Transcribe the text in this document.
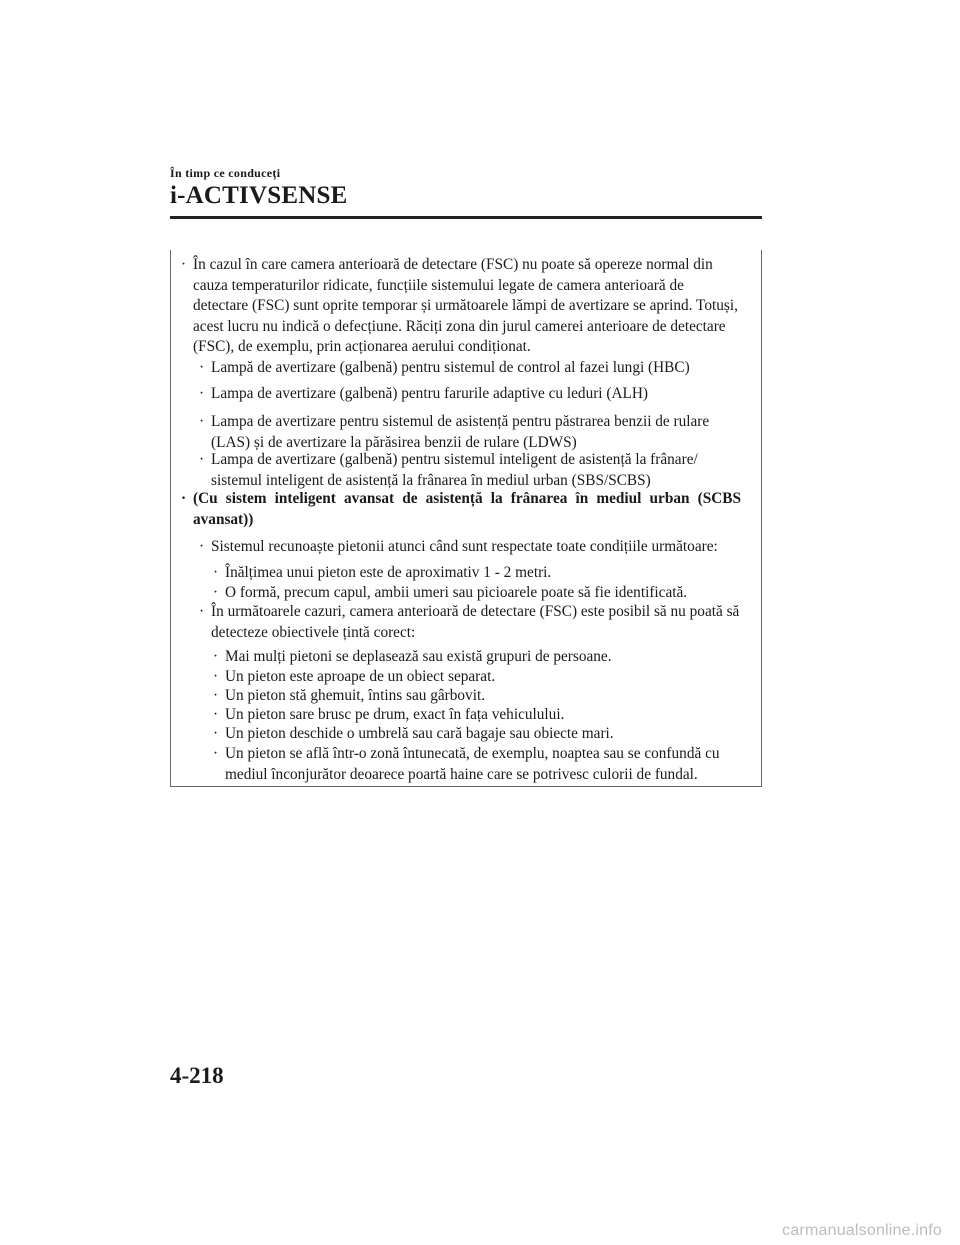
În timp ce conduceți
i-ACTIVSENSE
· În cazul în care camera anterioară de detectare (FSC) nu poate să opereze normal din cauza temperaturilor ridicate, funcțiile sistemului legate de camera anterioară de detectare (FSC) sunt oprite temporar și următoarele lămpi de avertizare se aprind. Totuși, acest lucru nu indică o defecțiune. Răciți zona din jurul camerei anterioare de detectare (FSC), de exemplu, prin acționarea aerului condiționat.
· Lampă de avertizare (galbenă) pentru sistemul de control al fazei lungi (HBC)
· Lampa de avertizare (galbenă) pentru farurile adaptive cu leduri (ALH)
· Lampa de avertizare pentru sistemul de asistență pentru păstrarea benzii de rulare (LAS) și de avertizare la părăsirea benzii de rulare (LDWS)
· Lampa de avertizare (galbenă) pentru sistemul inteligent de asistență la frânare/ sistemul inteligent de asistență la frânarea în mediul urban (SBS/SCBS)
· (Cu sistem inteligent avansat de asistență la frânarea în mediul urban (SCBS avansat))
· Sistemul recunoaște pietonii atunci când sunt respectate toate condițiile următoare:
· Înălțimea unui pieton este de aproximativ 1 - 2 metri.
· O formă, precum capul, ambii umeri sau picioarele poate să fie identificată.
· În următoarele cazuri, camera anterioară de detectare (FSC) este posibil să nu poată să detecteze obiectivele țintă corect:
· Mai mulți pietoni se deplasează sau există grupuri de persoane.
· Un pieton este aproape de un obiect separat.
· Un pieton stă ghemuit, întins sau gârbovit.
· Un pieton sare brusc pe drum, exact în fața vehiculului.
· Un pieton deschide o umbrelă sau cară bagaje sau obiecte mari.
· Un pieton se află într-o zonă întunecată, de exemplu, noaptea sau se confundă cu mediul înconjurător deoarece poartă haine care se potrivesc culorii de fundal.
4-218
carmanualsonline.info
